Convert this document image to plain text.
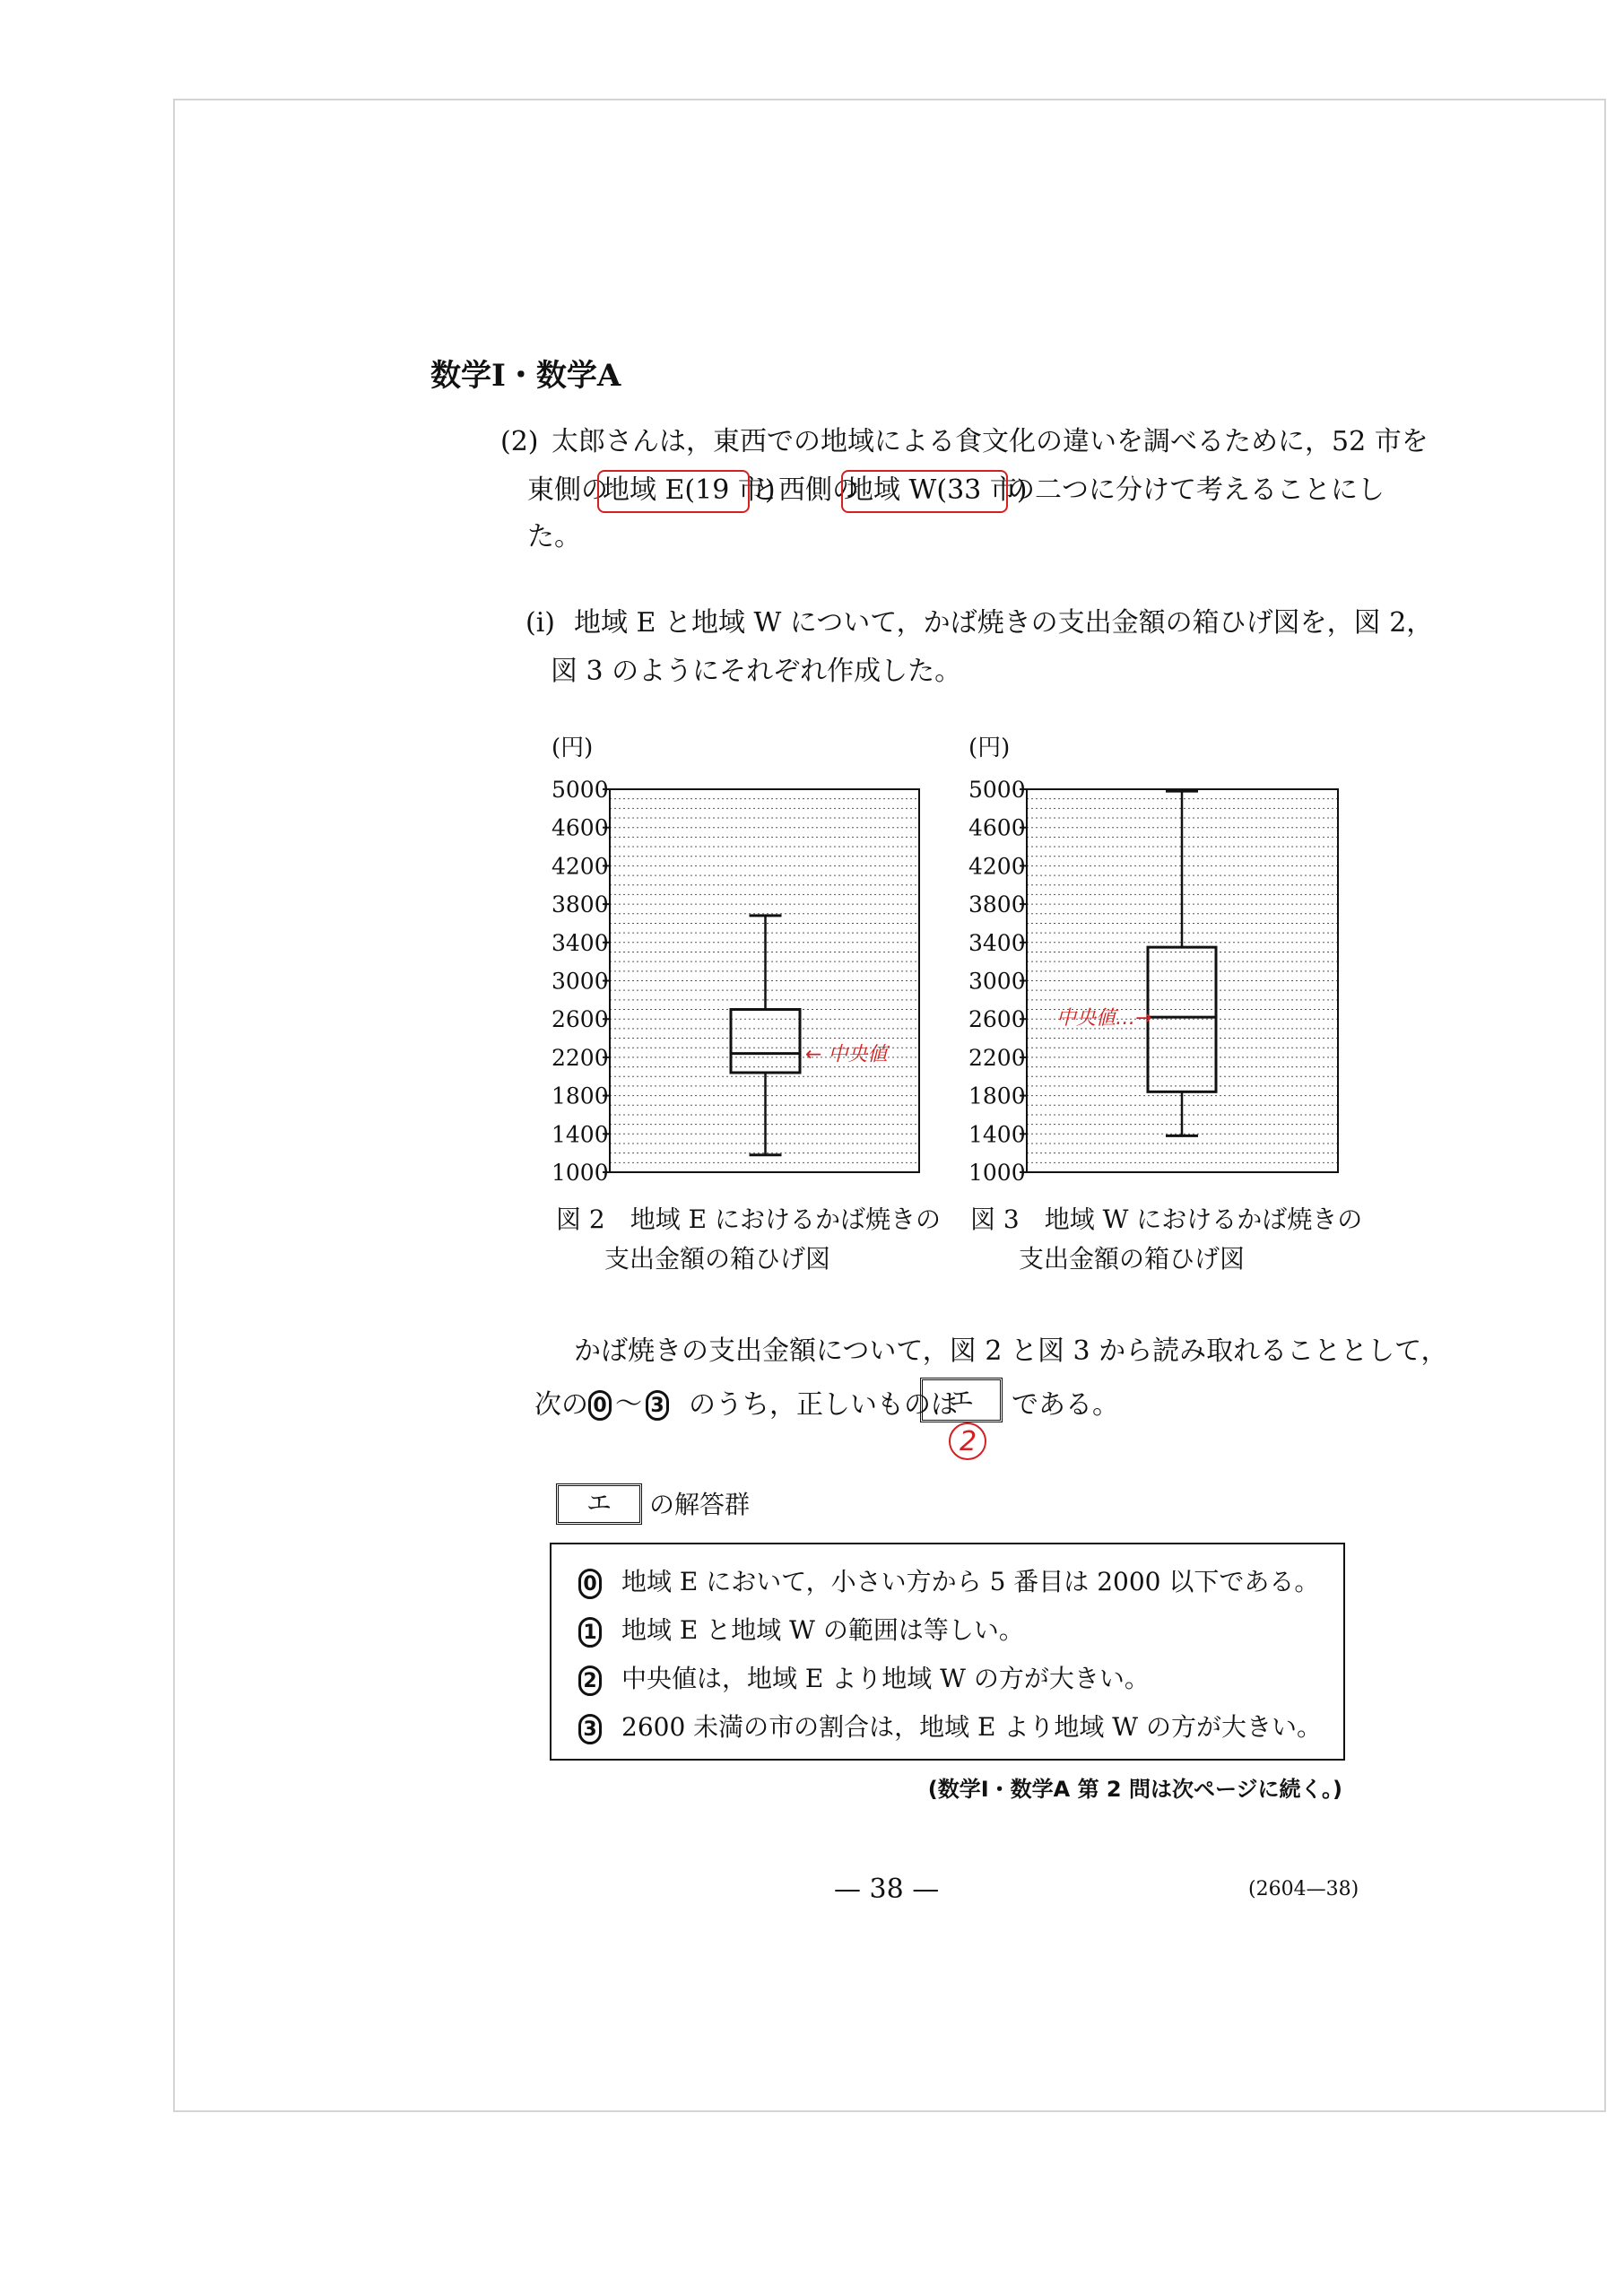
数学Ⅰ・数学A
(2) 太郎さんは，東西での地域による食文化の違いを調べるために，52 市を
東側の
地域 E(19 市)
と西側の
地域 W(33 市)
の二つに分けて考えることにし
た。
(i) 地域 E と地域 W について，かば焼きの支出金額の箱ひげ図を，図 2，
図 3 のようにそれぞれ作成した。
5000
4600
4200
3800
3400
3000
2600
2200
1800
1400
1000
(円)
← 中央値
5000
4600
4200
3800
3400
3000
2600
2200
1800
1400
1000
(円)
中央値…→
図 2　地域 E におけるかば焼きの
支出金額の箱ひげ図
図 3　地域 W におけるかば焼きの
支出金額の箱ひげ図
かば焼きの支出金額について，図 2 と図 3 から読み取れることとして，
次の 0 ～ 3 のうち，正しいものは
エ	である。
2
エ	の解答群
0 地域 E において，小さい方から 5 番目は 2000 以下である。
1 地域 E と地域 W の範囲は等しい。
2 中央値は，地域 E より地域 W の方が大きい。
3 2600 未満の市の割合は，地域 E より地域 W の方が大きい。
(数学Ⅰ・数学A 第 2 問は次ページに続く。)
— 38 —	(2604—38)
